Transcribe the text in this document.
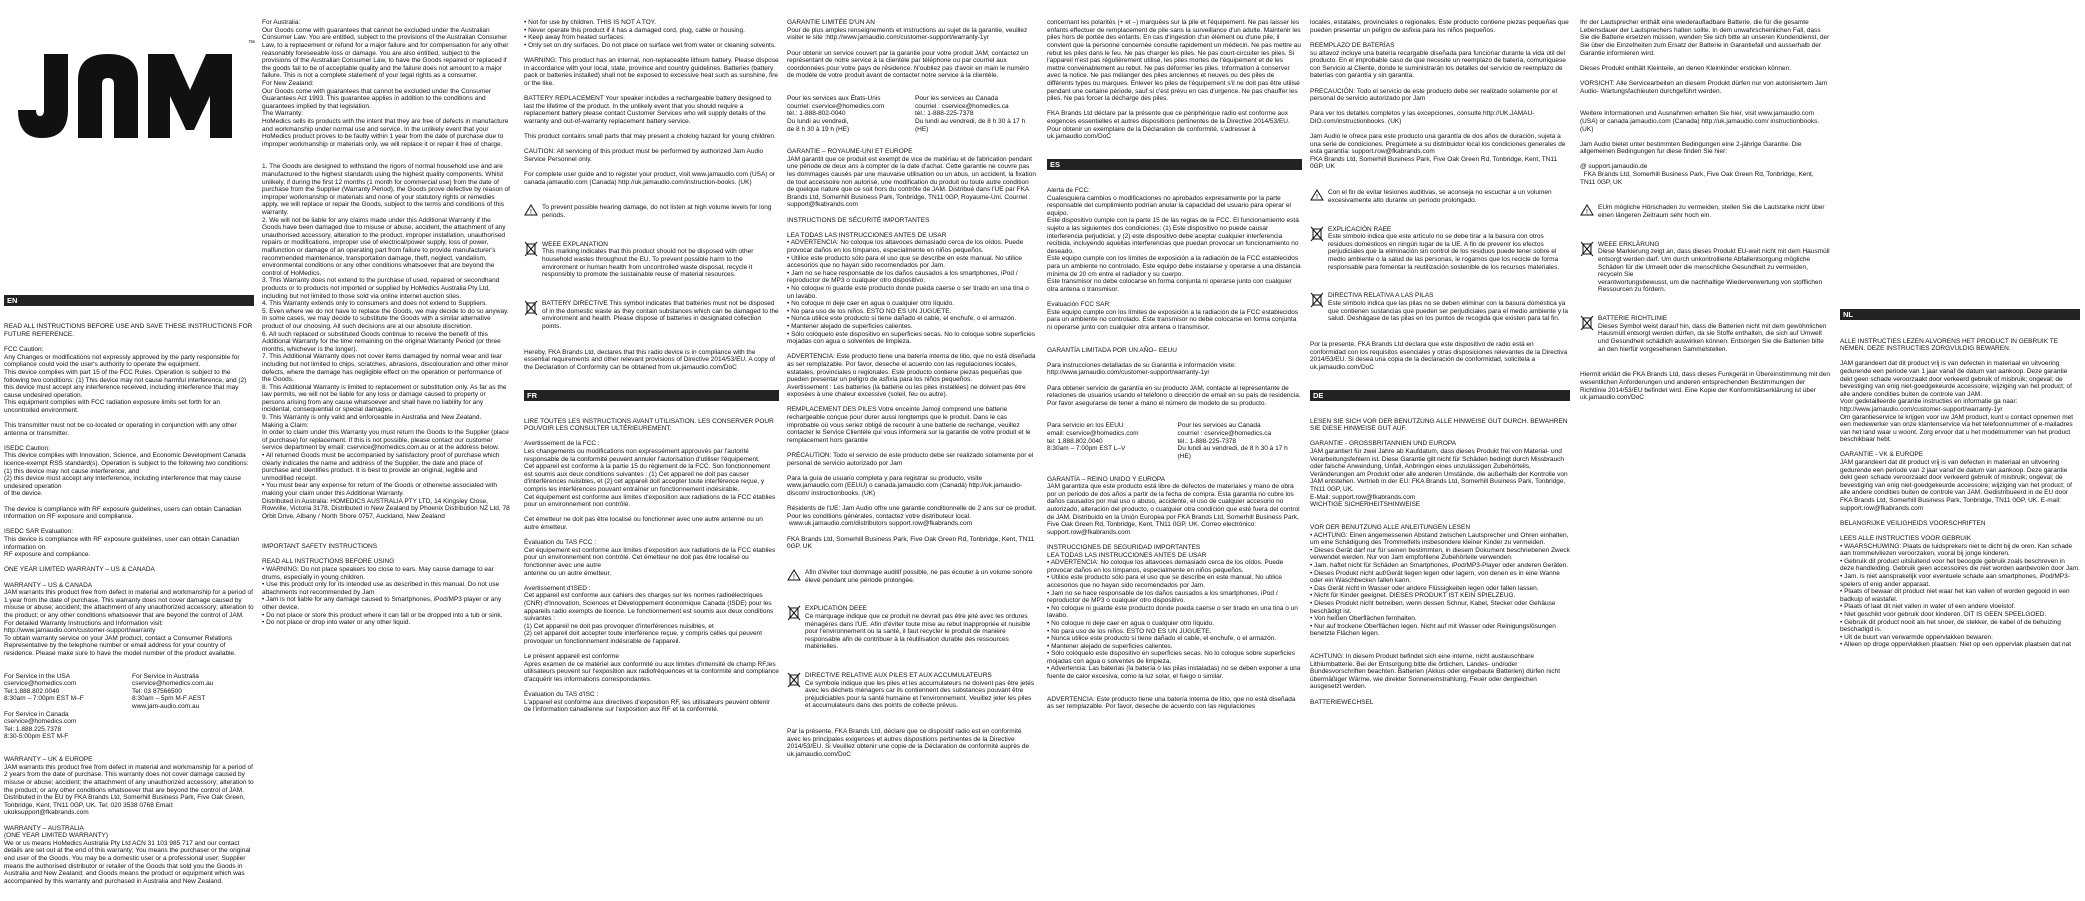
™

EN

READ ALL INSTRUCTIONS BEFORE USE AND SAVE THESE INSTRUCTIONS FOR FUTURE REFERENCE.

FCC Caution:
Any Changes or modifications not expressly approved by the party responsible for compliance could void the user's authority to operate the equipment.
This device complies with part 15 of the FCC Rules. Operation is subject to the following two conditions: (1) This device may not cause harmful interference, and (2) this device must accept any interference received, including interference that may cause undesired operation.
This equipment complies with FCC radiation exposure limits set forth for an uncontrolled environment.

This transmitter must not be co-located or operating in conjunction with any other antenna or transmitter.

ISEDC Caution:
This device complies with Innovation, Science, and Economic Development Canada licence-exempt RSS standard(s). Operation is subject to the following two conditions:
(1) this device may not cause interference, and
(2) this device must accept any interference, including interference that may cause undesired operation
of the device.

The device is compliance with RF exposure guidelines, users can obtain Canadian information on RF exposure and compliance.

ISEDC SAR Evaluation:
This device is compliance with RF exposure guidelines, user can obtain Canadian information on
RF exposure and compliance.

ONE YEAR LIMITED WARRANTY – US & CANADA

WARRANTY – US & CANADA
JAM warrants this product free from defect in material and workmanship for a period of 1 year from the date of purchase. This warranty does not cover damage caused by misuse or abuse; accident; the attachment of any unauthorized accessory; alteration to the product; or any other conditions whatsoever that are beyond the control of JAM.
For detailed Warranty Instructions and Information visit:
http://www.jamaudio.com/customer-support/warranty
To obtain warranty service on your JAM product, contact a Consumer Relations Representative by the telephone number or email address for your country of residence. Please make sure to have the model number of the product available.

For Service in the USA
cservice@homedics.com
Tel:1.888.802.0040
8:30am – 7:00pm EST M–F

For Service in Canada
cservice@homedics.com
Tel: 1.888.225.7378
8:30-5:00pm EST M-F
For Service in Australia
cservice@homedics.com.au
Tel: 03 87566500
8:30am – 5pm M-F AEST
www.jam-audio.com.au

WARRANTY – UK & EUROPE
JAM warrants this product free from defect in material and workmanship for a period of 2 years from the date of purchase. This warranty does not cover damage caused by misuse or abuse; accident; the attachment of any unauthorized accessory; alteration to the product; or any other conditions whatsoever that are beyond the control of JAM. Distributed in the EU by FKA Brands Ltd, Somerhill Business Park, Five Oak Green, Tonbridge, Kent, TN11 0GP, UK. Tel: 020 3538 0768 Email: ukuksupport@fkabrands.com

WARRANTY – AUSTRALIA
(ONE YEAR LIMITED WARRANTY)
We or us means HoMedics Australia Pty Ltd ACN 31 103 985 717 and our contact details are set out at the end of this warranty; You means the purchaser or the original end user of the Goods. You may be a domestic user or a professional user; Supplier means the authorised distributor or retailer of the Goods that sold you the Goods in Australia and New Zealand; and Goods means the product or equipment which was accompanied by this warranty and purchased in Australia and New Zealand.

For Australia:
Our Goods come with guarantees that cannot be excluded under the Australian Consumer Law. You are entitled, subject to the provisions of the Australian Consumer Law, to a replacement or refund for a major failure and for compensation for any other reasonably foreseeable loss or damage. You are also entitled, subject to the provisions of the Australian Consumer Law, to have the Goods repaired or replaced if the goods fail to be of acceptable quality and the failure does not amount to a major failure. This is not a complete statement of your legal rights as a consumer.
For New Zealand:
Our Goods come with guarantees that cannot be excluded under the Consumer Guarantees Act 1993. This guarantee applies in addition to the conditions and guarantees implied by that legislation.
The Warranty:
HoMedics sells its products with the intent that they are free of defects in manufacture and workmanship under normal use and service. In the unlikely event that your HoMedics product proves to be faulty within 1 year from the date of purchase due to improper workmanship or materials only, we will replace it or repair it free of charge.

1. The Goods are designed to withstand the rigors of normal household use and are manufactured to the highest standards using the highest quality components. Whilst unlikely, if during the first 12 months (1 month for commercial use) from the date of purchase from the Supplier (Warranty Period), the Goods prove defective by reason of improper workmanship or materials and none of your statutory rights or remedies apply, we will replace or repair the Goods, subject to the terms and conditions of this warranty.
2. We will not be liable for any claims made under this Additional Warranty if the Goods have been damaged due to misuse or abuse, accident, the attachment of any unauthorised accessory, alteration to the product, improper installation, unauthorised repairs or modifications, improper use of electrical/power supply, loss of power, malfunction or damage of an operating part from failure to provide manufacturer's recommended maintenance, transportation damage, theft, neglect, vandalism, environmental conditions or any other conditions whatsoever that are beyond the control of HoMedics.
3. This Warranty does not extend to the purchase of used, repaired or secondhand products or to products not imported or supplied by HoMedics Australia Pty Ltd, including but not limited to those sold via online internet auction sites.
4. This Warranty extends only to consumers and does not extend to Suppliers.
5. Even where we do not have to replace the Goods, we may decide to do so anyway. In some cases, we may decide to substitute the Goods with a similar alternative product of our choosing. All such decisions are at our absolute discretion.
6. All such replaced or substituted Goods continue to receive the benefit of this Additional Warranty for the time remaining on the original Warranty Period (or three months, whichever is the longer).
7. This Additional Warranty does not cover items damaged by normal wear and tear including but not limited to chips, scratches, abrasions, discolouration and other minor defects, where the damage has negligible effect on the operation or performance of the Goods.
8. This Additional Warranty is limited to replacement or substitution only. As far as the law permits, we will not be liable for any loss or damage caused to property or persons arising from any cause whatsoever and shall have no liability for any incidental, consequential or special damages.
9. This Warranty is only valid and enforceable in Australia and New Zealand.
Making a Claim:
In order to claim under this Warranty you must return the Goods to the Supplier (place of purchase) for replacement. If this is not possible, please contact our customer service department by email: cservice@homedics.com.au or at the address below.
• All returned Goods must be accompanied by satisfactory proof of purchase which clearly indicates the name and address of the Supplier, the date and place of purchase and identifies product. It is best to provide an original, legible and unmodified receipt.
• You must bear any expense for return of the Goods or otherwise associated with making your claim under this Additional Warranty.
Distributed in Australia: HOMEDICS AUSTRALIA PTY LTD, 14 Kingsley Close, Rowville, Victoria 3178. Distributed in New Zealand by Phoenix Distribution NZ Ltd, 78 Orbit Drive, Albany / North Shore 0757, Auckland, New Zealand

IMPORTANT SAFETY INSTRUCTIONS

READ ALL INSTRUCTIONS BEFORE USING
• WARNING: Do not place speakers too close to ears. May cause damage to ear drums, especially in young children.
• Use this product only for its intended use as described in this manual. Do not use attachments not recommended by Jam
• Jam is not liable for any damage caused to Smartphones, iPod/MP3 player or any other device.
• Do not place or store this product where it can fall or be dropped into a tub or sink.
• Do not place or drop into water or any other liquid.

• Not for use by children. THIS IS NOT A TOY.
• Never operate this product if it has a damaged cord, plug, cable or housing.
• Keep away from heated surfaces.
• Only set on dry surfaces. Do not place on surface wet from water or cleaning solvents.

WARNING: This product has an internal, non-replaceable lithium battery. Please dispose in accordance with your local, state, province and country guidelines. Batteries (battery pack or batteries installed) shall not be exposed to excessive heat such as sunshine, fire or the like.

BATTERY REPLACEMENT Your speaker includes a rechargeable battery designed to last the lifetime of the product. In the unlikely event that you should require a replacement battery please contact Customer Services who will supply details of the warranty and out-of-warranty replacement battery service.

This product contains small parts that may present a choking hazard for young children.

CAUTION: All servicing of this product must be performed by authorized Jam Audio Service Personnel only.

For complete user guide and to register your product, visit www.jamaudio.com (USA) or canada.jamaudio.com (Canada) http://uk.jamaudio.com/instruction-books. (UK)

!
To prevent possible hearing damage, do not listen at high volume levels for long periods.

WEEE EXPLANATION
This marking indicates that this product should not be disposed with other household wastes throughout the EU. To prevent possible harm to the environment or human health from uncontrolled waste disposal, recycle it responsibly to promote the sustainable reuse of material resources.

BATTERY DIRECTIVE This symbol indicates that batteries must not be disposed of in the domestic waste as they contain substances which can be damaged to the environment and health. Please dispose of batteries in designated collection points.

Hereby, FKA Brands Ltd, declares that this radio device is in compliance with the essential requirements and other relevant provisions of Directive 2014/53/EU. A copy of the Declaration of Conformity can be obtained from uk.jamaudio.com/DoC

FR

LIRE TOUTES LES INSTRUCTIONS AVANT UTILISATION. LES CONSERVER POUR POUVOIR LES CONSULTER ULTÉRIEUREMENT.

Avertissement de la FCC :
Les changements ou modifications non expressément approuvés par l'autorité responsable de la conformité peuvent annuler l'autorisation d'utiliser l'équipement.
Cet appareil est conforme à la partie 15 du règlement de la FCC. Son fonctionnement est soumis aux deux conditions suivantes : (1) Cet appareil ne doit pas causer d'interférences nuisibles, et (2) cet appareil doit accepter toute interférence reçue, y compris les interférences pouvant entraîner un fonctionnement indésirable.
Cet équipement est conforme aux limites d'exposition aux radiations de la FCC établies pour un environnement non contrôlé.

Cet émetteur ne doit pas être localisé ou fonctionner avec une autre antenne ou un autre émetteur.

Évaluation du TAS FCC :
Cet équipement est conforme aux limites d'exposition aux radiations de la FCC établies pour un environnement non contrôlé. Cet émetteur ne doit pas être localisé ou fonctionner avec une autre
antenne ou un autre émetteur.

Avertissement d'ISED :
Cet appareil est conforme aux cahiers des charges sur les normes radioélectriques (CNR) d'Innovation, Sciences et Développement économique Canada (ISDE) pour les appareils radio exempts de licence. Le fonctionnement est soumis aux deux conditions suivantes :
(1) Cet appareil ne doit pas provoquer d'interférences nuisibles, et
(2) cet appareil doit accepter toute interférence reçue, y compris celles qui peuvent provoquer un fonctionnement indésirable de l'appareil.

Le présent appareil est conforme
Après examen de ce matériel aux conformité ou aux limites d'intensité de champ RF,les utilisateurs peuvent sur l'exposition aux radiofréquences et la conformité and compliance d'acquérir les informations correspondantes.

Évaluation du TAS d'ISC :
L'appareil est conforme aux directives d'exposition RF, les utilisateurs peuvent obtenir de l'information canadienne sur l'exposition aux RF et la conformité.

GARANTIE LIMITÉE D'UN AN
Pour de plus amples renseignements et instructions au sujet de la garantie, veuillez visiter le site :http://www.jamaudio.com/customer-support/warranty-1yr

Pour obtenir un service couvert par la garantie pour votre produit JAM, contactez un représentant de notre service à la clientèle par téléphone ou par courriel aux coordonnées pour votre pays de résidence. N'oubliez pas d'avoir en main le numéro de modèle de votre produit avant de contacter notre service à la clientèle.

Pour les services aux États-Unis
courriel: cservice@homedics.com
tél.: 1-888-802-0040
Du lundi au vendredi,
de 8 h 30 à 19 h (HE)
Pour les services au Canada
courriel : cservice@homedics.ca
tél.: 1-888-225-7378
Du lundi au vendredi, de 8 h 30 à 17 h (HE)

GARANTIE – ROYAUME-UNI ET EUROPE
JAM garantit que ce produit est exempt de vice de matériau et de fabrication pendant une période de deux ans à compter de la date d'achat. Cette garantie ne couvre pas les dommages causés par une mauvaise utilisation ou un abus, un accident, la fixation de tout accessoire non autorisé, une modification du produit ou toute autre condition de quelque nature que ce soit hors du contrôle de JAM. Distribué dans l'UE par FKA Brands Ltd, Somerhill Business Park, Tonbridge, TN11 0GP, Royaume-Uni. Courriel : support@fkabrands.com

INSTRUCTIONS DE SÉCURITÉ IMPORTANTES

LEA TODAS LAS INSTRUCCIONES ANTES DE USAR
• ADVERTENCIA: No coloque los altavoces demasiado cerca de los oídos. Puede provocar daños en los tímpanos, especialmente en niños pequeños.
• Utilice este producto sólo para el uso que se describe en este manual. No utilice accesorios que no hayan sido recomendados por Jam.
• Jam no se hace responsable de los daños causados a los smartphones, iPod / reproductor de MP3 o cualquier otro dispositivo.
• No coloque ni guarde este producto donde pueda caerse o ser tirado en una tina o un lavabo.
• No coloque ni deje caer en agua o cualquier otro líquido.
• No para uso de los niños. ESTO NO ES UN JUGUETE.
• Nunca utilice este producto si tiene dañado el cable, el enchufe, o el armazón.
• Mantener alejado de superficies calientes.
• Sólo colóquelo este dispositivo en superficies secas. No lo coloque sobre superficies mojadas con agua o solventes de limpieza.

ADVERTENCIA: Este producto tiene una batería interna de litio, que no está diseñada as ser remplazable. Por favor, deseche el acuerdo con las regulaciones locales, estatales, provinciales o regionales. Este producto contiene piezas pequeñas que pueden presentar un peligro de asfixia para los niños pequeños.
Avertissement : Les batteries (la batterie ou les piles installées) ne doivent pas être exposées à une chaleur excessive (soleil, feu ou autre).

REMPLACEMENT DES PILES Votre enceinte Jamoji comprend une batterie rechargeable conçue pour durer aussi longtemps que le produit. Dans le cas improbable où vous seriez obligé de recourir à une batterie de rechange, veuillez contacter le Service Clientèle qui vous informera sur la garantie de votre produit et le remplacement hors garantie

PRÉCAUTION: Todo el servicio de este producto debe ser realizado solamente por el personal de servicio autorizado por Jam

Para la guía de usuario completa y para registrar su producto, visite www.jamaudio.com (EEUU) o canada.jamaudio.com (Canadá) http://uk.jamaudio-discom/ instructionbooks. (UK)

Résidents de l'UE: Jam Audio offre une garantie conditionnelle de 2 ans sur ce produit. Pour les conditions générales, contactez votre distributeur local.
www.uk.jamaudio.com/distributors support.row@fkabrands.com

FKA Brands Ltd, Somerhill Business Park, Five Oak Green Rd, Tonbridge, Kent, TN11 0GP, UK

!
Afin d'éviter tout dommage auditif possible, ne pas écouter à un volume sonore élevé pendant une période prolongée.

EXPLICATION DEEE
Ce marquage indique que ce produit ne devrait pas être jeté avec les ordures ménagères dans l'UE. Afin d'éviter toute mise au rebut inappropriée et nuisible pour l'environnement ou la santé, il faut recycler le produit de manière responsable afin de contribuer à la réutilisation durable des ressources matérielles.

DIRECTIVE RELATIVE AUX PILES ET AUX ACCUMULATEURS
Ce symbole indique que les piles et les accumulateurs ne doivent pas être jetés avec les déchets ménagers car ils contiennent des substances pouvant être préjudiciables pour la santé humaine et l'environnement. Veuillez jeter les piles et accumulateurs dans des points de collecte prévus.

Par la présente, FKA Brands Ltd, déclare que ce dispositif radio est en conformité avec les principales exigences et autres dispositions pertinentes de la Directive 2014/53/EU. Si Veuillez obtenir une copie de la Déclaration de conformité auprès de uk.jamaudio.com/DoC

concernant les polarités (+ et –) marquées sur la pile et l'équipement. Ne pas laisser les enfants effectuer de remplacement de pile sans la surveillance d'un adulte. Maintenir les piles hors de portée des enfants. En cas d'ingestion d'un élément ou d'une pile, il convient que la personne concernée consulte rapidement un médecin. Ne pas mettre au rebut les piles dans le feu. Ne pas charger les piles. Ne pas court-circuiter les piles. Si l'appareil n'est pas régulièrement utilisé, les piles mortes de l'équipement et de les mettre convenablement au rebut. Ne pas déformer les piles. Information à conserver avec la notice. Ne pas mélanger des piles anciennes et neuves ou des piles de différents types ou marques. Enlever les piles de l'équipement s'il ne doit pas être utilisé pendant une certaine période, sauf si c'est prévu en cas d'urgence. Ne pas chauffer les piles. Ne pas forcer la décharge des piles.

FKA Brands Ltd déclare par la présente que ce périphérique radio est conforme aux exigences essentielles et autres dispositions pertinentes de la Directive 2014/53/EU. Pour obtenir un exemplaire de la Déclaration de conformité, s'adresser à uk.jamaudio.com/DoC

ES

Alerta de FCC:
Cualesquiera cambios o modificaciones no aprobados expresamente por la parte responsable del cumplimiento podrían anular la capacidad del usuario para operar el equipo.
Este dispositivo cumple con la parte 15 de las reglas de la FCC. El funcionamiento está sujeto a las siguientes dos condiciones: (1) Este dispositivo no puede causar interferencia perjudicial, y (2) este dispositivo debe aceptar cualquier interferencia recibida, incluyendo aquellas interferencias que puedan provocar un funcionamiento no deseado.
Este equipo cumple con los límites de exposición a la radiación de la FCC establecidos para un ambiente no controlado. Este equipo debe instalarse y operarse a una distancia mínima de 20 cm entre el radiador y su cuerpo.
Este transmisor no debe colocarse en forma conjunta ni operarse junto con cualquier otra antena o transmisor.

Evaluación FCC SAR:
Este equipo cumple con los límites de exposición a la radiación de la FCC establecidos para un ambiente no controlado. Este transmisor no debe colocarse en forma conjunta ni operarse junto con cualquier otra antena o transmisor.

GARANTÍA LIMITADA POR UN AÑO– EEUU

Para instrucciones detalladas de su Garantía e información visite:
http://www.jamaudio.com/customer-support/warranty-1yr

Para obtener servicio de garantía en su producto JAM, contacte al representante de relaciones de usuarios usando el teléfono o dirección de email en su país de residencia. Por favor asegurarse de tener a mano el número de modelo de su producto.

Para servicio en los EEUU
email: cservice@homedics.com
tel: 1.888.802.0040
8:30am – 7:00pm EST L–V
Pour les services au Canada
courriel : cservice@homedics.ca
tél.: 1-888-225-7378
Du lundi au vendredi, de 8 h 30 à 17 h (HE)

GARANTÍA – REINO UNIDO Y EUROPA
JAM garantiza que este producto está libre de defectos de materiales y mano de obra por un periodo de dos años a partir de la fecha de compra. Esta garantía no cubre los daños causados por mal uso o abuso, accidente, el uso de cualquier accesorio no autorizado, alteración del producto, o cualquier otra condición que esté fuera del control de JAM. Distribuido en la Unión Europea por FKA Brands Ltd, Somerhill Business Park, Five Oak Green Rd, Tonbridge, Kent, TN11 0GP, UK. Correo electrónico: support.row@fkabrands.com

INSTRUCCIONES DE SEGURIDAD IMPORTANTES
LEA TODAS LAS INSTRUCCIONES ANTES DE USAR
• ADVERTENCIA: No coloque los altavoces demasiado cerca de los oídos. Puede provocar daños en los tímpanos, especialmente en niños pequeños.
• Utilice este producto sólo para el uso que se describe en este manual. No utilice accesorios que no hayan sido recomendados por Jam.
• Jam no se hace responsable de los daños causados a los smartphones, iPod / reproductor de MP3 o cualquier otro dispositivo.
• No coloque ni guarde este producto donde pueda caerse o ser tirado en una tina o un lavabo.
• No coloque ni deje caer en agua o cualquier otro líquido.
• No para uso de los niños. ESTO NO ES UN JUGUETE.
• Nunca utilice este producto si tiene dañado el cable, el enchufe, o el armazón.
• Mantener alejado de superficies calientes.
• Sólo colóquelo este dispositivo en superficies secas. No lo coloque sobre superficies mojadas con agua o solventes de limpieza.
• Advertencia: Las baterías (la batería o las pilas instaladas) no se deben exponer a una fuente de calor excesiva, como la luz solar, el fuego o similar.

ADVERTENCIA: Este producto tiene una batería interna de litio, que no está diseñada as ser remplazable. Por favor, deseche de acuerdo con las regulaciones

locales, estatales, provinciales o regionales. Este producto contiene piezas pequeñas que pueden presentar un peligro de asfixia para los niños pequeños.

REEMPLAZO DE BATERÍAS
su altavoz incluye una batería recargable diseñada para funcionar durante la vida útil del producto. En el improbable caso de que necesite un reemplazo de batería, comuníquese con Servicio al Cliente, donde le suministrarán los detalles del servicio de reemplazo de baterías con garantía y sin garantía.

PRECAUCIÓN: Todo el servicio de este producto debe ser realizado solamente por el personal de servicio autorizado por Jam

Para ver los detalles completos y las excepciones, consulte http://UK.JAMAU-DIO.com/instructionbooks. (UK)

Jam Audio le ofrece para este producto una garantía de dos años de duración, sujeta a una serie de condiciones. Pregúntele a su distribuidor local los condiciones generales de esta garantía: support.row@fkabrands.com
FKA Brands Ltd, Somerhill Business Park, Five Oak Green Rd, Tonbridge, Kent, TN11 0GP, UK

!
Con el fin de evitar lesiones auditivas, se aconseja no escuchar a un volumen excesivamente alto durante un período prolongado.

EXPLICACIÓN RAEE
Este símbolo indica que este artículo no se debe tirar a la basura con otros residuos domésticos en ningún lugar de la UE. A fin de prevenir los efectos perjudiciales que la eliminación sin control de los residuos puede tener sobre el medio ambiente o la salud de las personas, le rogamos que los recicle de forma responsable para fomentar la reutilización sostenible de los recursos materiales.

DIRECTIVA RELATIVA A LAS PILAS
Este símbolo indica que las pilas no se deben eliminar con la basura doméstica ya que contienen sustancias que pueden ser perjudiciales para el medio ambiente y la salud. Deshágase de las pilas en los puntos de recogida que existen para tal fin.

Por la presente, FKA Brands Ltd declara que este dispositivo de radio está en conformidad con los requisitos esenciales y otras disposiciones relevantes de la Directiva 2014/53/EU. Si desea una copia de la declaración de conformidad, solicítela a uk.jamaudio.com/DoC

DE

LESEN SIE SICH VOR DER BENUTZUNG ALLE HINWEISE GUT DURCH. BEWAHREN SIE DIESE HINWEISE GUT AUF.

GARANTIE - GROSSBRITANNIEN UND EUROPA
JAM garantiert für zwei Jahre ab Kaufdatum, dass dieses Produkt frei von Material- und Verarbeitungsfehlern ist. Diese Garantie gilt nicht für Schäden bedingt durch Missbrauch oder falsche Anwendung, Unfall, Anbringen eines unzulässigen Zubehörteils, Veränderungen am Produkt oder alle anderen Umstände, die außerhalb der Kontrolle von JAM entstehen. Vertrieb in der EU: FKA Brands Ltd, Somerhill Business Park, Tonbridge, TN11 0GP, UK.
E-Mail: support.row@fkabrands.com
WICHTIGE SICHERHEITSHINWEISE

VOR DER BENUTZUNG ALLE ANLEITUNGEN LESEN
• ACHTUNG: Einen angemessenen Abstand zwischen Lautsprecher und Ohren einhalten, um eine Schädigung des Trommelfells insbesondere kleiner Kinder zu vermeiden.
• Dieses Gerät darf nur für seinen bestimmten, in diesem Dokument beschriebenen Zweck verwendet werden. Nur von Jam empfohlene Zubehörteile verwenden.
• Jam. haftet nicht für Schäden an Smartphones, iPod/MP3-Player oder anderen Geräten.
• Dieses Produkt nicht auf/Gerät liegen legen oder lagern, von denen es in eine Wanne oder ein Waschbecken fallen kann.
• Das Gerät nicht in Wasser oder andere Flüssigkeiten legen oder fallen lassen.
• Nicht für Kinder geeignet. DIESES PRODUKT IST KEIN SPIELZEUG.
• Dieses Produkt nicht betreiben, wenn dessen Schnur, Kabel, Stecker oder Gehäuse beschädigt ist.
• Von heißen Oberflächen fernhalten.
• Nur auf trockene Oberflächen legen. Nicht auf mit Wasser oder Reinigungslösungen benetzte Flächen legen.

ACHTUNG: In diesem Produkt befindet sich eine interne, nicht austauschbare Lithiumbatterie. Bei der Entsorgung bitte die örtlichen, Landes- und/oder Bundesvorschriften beachten. Batterien (Akkus oder eingebaute Batterien) dürfen nicht übermäßiger Wärme, wie direkter Sonneneinstrahlung, Feuer oder dergleichen ausgesetzt werden.

BATTERIEWECHSEL

Ihr der Lautsprecher enthält eine wiederaufladbare Batterie, die für die gesamte Lebensdauer der Lautsprechers halten sollte. In dem unwahrscheinlichen Fall, dass Sie die Batterie ersetzen müssen, wenden Sie sich bitte an unseren Kundendienst, der Sie über die Einzelheiten zum Ersatz der Batterie in Garantiefall und ausserhalb der Garantie informieren wird.

Dieses Produkt enthält Kleinteile, an denen Kleinkinder ersticken können.

VORSICHT: Alle Servicearbeiten an diesem Produkt dürfen nur von autorisiertem Jam Audio- Wartungsfachleuten durchgeführt werden.

Weitere Informationen und Ausnahmen erhalten Sie hier, visit www.jamaudio.com (USA) or canada.jamaudio.com (Canada) http://uk.jamaudio.com/ instructionbooks. (UK)

Jam Audio bietet unter bestimmten Bedingungen eine 2-jährige Garantie. Die allgemeinen Bedingungen fur diese finden Sie hier:

@ support.jamaudio.de
FKA Brands Ltd, Somerhill Business Park, Five Oak Green Rd, Tonbridge, Kent, TN11 0GP, UK

!
EUm mögliche Hörschaden zu vermeiden, stellen Sie die Lautstarke nicht über einen längeren Zeitraum sehr hoch ein.

WEEE ERKLÄRUNG
Diese Markierung zeigt an, dass dieses Produkt EU-weit nicht mit dem Hausmüll entsorgt werden darf. Um durch unkontrollierte Abfallentsorgung mögliche Schäden für die Umwelt oder die menschliche Gesundheit zu vermeiden, recyceln Sie
verantwortungsbewusst, um die nachhaltige Wiederverwertung von stofflichen Ressourcen zu fördern.

BATTERIE RICHTLINIE
Dieses Symbol weist darauf hin, dass die Batterien nicht mit dem gewöhnlichen Hausmüll entsorgt werden dürfen, da sie Stoffe enthalten, die sich auf Umwelt und Gesundheit schädlich auswirken können. Entsorgen Sie die Batterien bitte an den hierfür vorgesehenen Sammelstellen.

Hiermit erklärt die FKA Brands Ltd, dass dieses Funkgerät in Übereinstimmung mit den wesentlichen Anforderungen und anderen entsprechenden Bestimmungen der Richtlinie 2014/53/EU befindet wird. Eine Kopie der Konformitätserklärung ist über uk.jamaudio.com/DoC

NL

ALLE INSTRUCTIES LEZEN ALVORENS HET PRODUCT IN GEBRUIK TE NEMEN. DEZE INSTRUCTIES ZORGVULDIG BEWAREN.

JAM garandeert dat dit product vrij is van defecten in materiaal en uitvoering gedurende een periode van 1 jaar vanaf de datum van aankoop. Deze garantie dekt geen schade veroorzaakt door verkeerd gebruik of misbruik; ongeval; de bevestiging van enig niet-goedgekeurde accessoire; wijziging van het product; of alle andere condities buiten de controle van JAM.
Voor gedetailleerde garantie instructies en informatie ga naar:
http://www.jamaudio.com/customer-support/warranty-1yr
Om garantieservice te krijgen voor uw JAM product, kunt u contact opnemen met een medewerker van onze klantenservice via het telefoonnummer of e-mailadres van het land waar u woont. Zorg ervoor dat u het modelnummer van het product beschikbaar hebt.

GARANTIE - VK & EUROPE
JAM garandeert dat dit product vrij is van defecten in materiaal en uitvoering gedurende een periode van 2 jaar vanaf de datum van aankoop. Deze garantie dekt geen schade veroorzaakt door verkeerd gebruik of misbruik; ongeval; de bevestiging van enig niet-goedgekeurde accessoire; wijziging van het product; of alle andere condities buiten de controle van JAM. Gedistribueerd in de EU door FKA Brands Ltd, Somerhill Business Park, Tonbridge, TN11 0GP, UK. E-mail: support.row@fkabrands.com

BELANGRIJKE VEILIGHEIDS VOORSCHRIFTEN

LEES ALLE INSTRUCTIES VOOR GEBRUIK
• WAARSCHUWING: Plaats de luidsprekers niet te dicht bij de oren. Kan schade aan trommelvliezen veroorzaken, vooral bij jonge kinderen.
• Gebruik dit product uitsluitend voor het beoogde gebruik zoals beschreven in deze handleiding. Gebruik geen accessoires die niet worden aanbevolen door Jam.
• Jam. is niet aansprakelijk voor eventuele schade aan smartphones, iPod/MP3-spelers of enig ander apparaat.
• Plaats of bewaar dit product niet waar het kan vallen of worden gegooid in een badkuip of wastafel.
• Plaats of laat dit niet vallen in water of een andere vloeistof.
• Niet geschikt voor gebruik door kinderen. DIT IS GEEN SPEELGOED.
• Gebruik dit product nooit als het snoer, de stekker, de kabel of de behuizing beschadigd is.
• Uit de buurt van verwarmde oppervlakken bewaren.
• Alleen op droge oppervlakken plaatsen. Niet op een oppervlak plaatsen dat nat
